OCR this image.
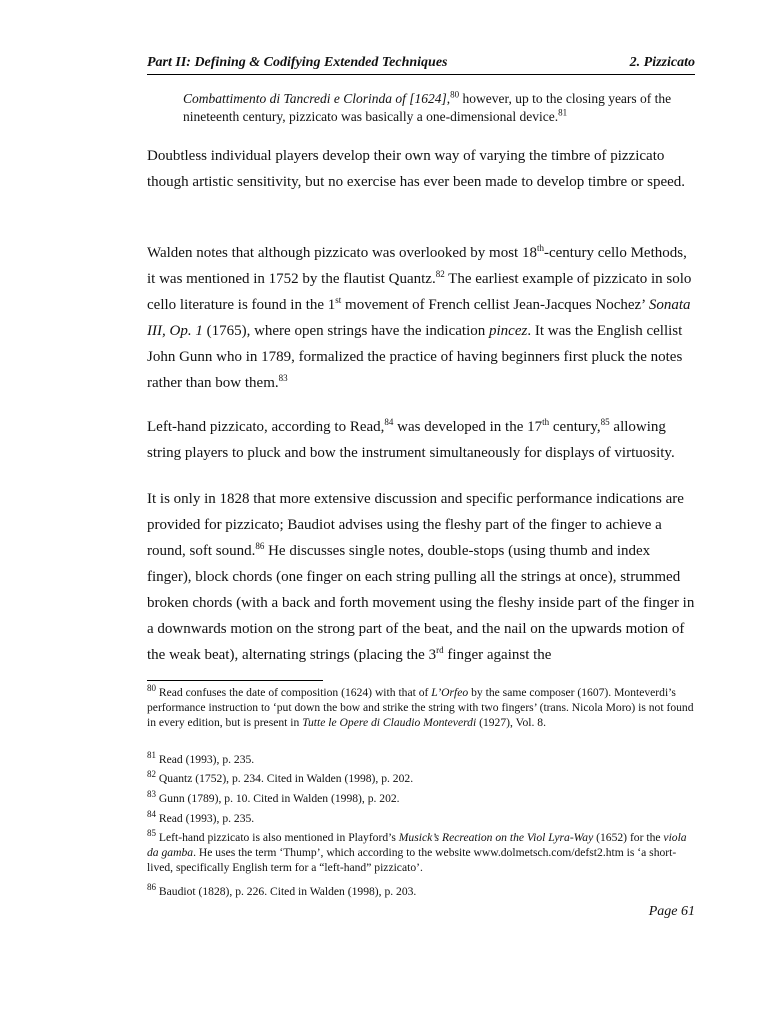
Part II: Defining & Codifying Extended Techniques	2. Pizzicato
Combattimento di Tancredi e Clorinda of [1624],$^{80}$ however, up to the closing years of the nineteenth century, pizzicato was basically a one-dimensional device.$^{81}$
Doubtless individual players develop their own way of varying the timbre of pizzicato though artistic sensitivity, but no exercise has ever been made to develop timbre or speed.
Walden notes that although pizzicato was overlooked by most 18th-century cello Methods, it was mentioned in 1752 by the flautist Quantz.$^{82}$ The earliest example of pizzicato in solo cello literature is found in the 1st movement of French cellist Jean-Jacques Nochez’ Sonata III, Op. 1 (1765), where open strings have the indication pincez. It was the English cellist John Gunn who in 1789, formalized the practice of having beginners first pluck the notes rather than bow them.$^{83}$
Left-hand pizzicato, according to Read,$^{84}$ was developed in the 17th century,$^{85}$ allowing string players to pluck and bow the instrument simultaneously for displays of virtuosity.
It is only in 1828 that more extensive discussion and specific performance indications are provided for pizzicato; Baudiot advises using the fleshy part of the finger to achieve a round, soft sound.$^{86}$ He discusses single notes, double-stops (using thumb and index finger), block chords (one finger on each string pulling all the strings at once), strummed broken chords (with a back and forth movement using the fleshy inside part of the finger in a downwards motion on the strong part of the beat, and the nail on the upwards motion of the weak beat), alternating strings (placing the 3rd finger against the
$^{80}$ Read confuses the date of composition (1624) with that of L’Orfeo by the same composer (1607). Monteverdi’s performance instruction to ‘put down the bow and strike the string with two fingers’ (trans. Nicola Moro) is not found in every edition, but is present in Tutte le Opere di Claudio Monteverdi (1927), Vol. 8.
$^{81}$ Read (1993), p. 235.
$^{82}$ Quantz (1752), p. 234. Cited in Walden (1998), p. 202.
$^{83}$ Gunn (1789), p. 10. Cited in Walden (1998), p. 202.
$^{84}$ Read (1993), p. 235.
$^{85}$ Left-hand pizzicato is also mentioned in Playford’s Musick’s Recreation on the Viol Lyra-Way (1652) for the viola da gamba. He uses the term ‘Thump’, which according to the website www.dolmetsch.com/defst2.htm is ‘a short-lived, specifically English term for a “left-hand” pizzicato’.
$^{86}$ Baudiot (1828), p. 226. Cited in Walden (1998), p. 203.
Page 61
